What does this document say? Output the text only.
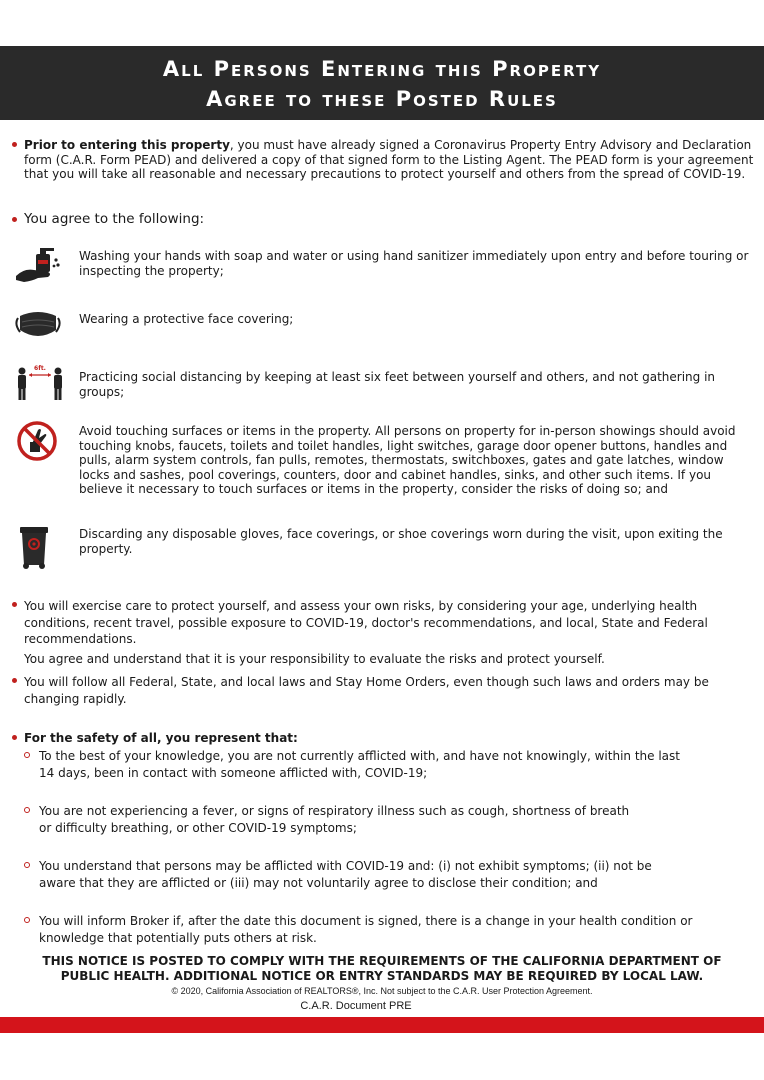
All Persons Entering this Property
Agree to these Posted Rules
Prior to entering this property, you must have already signed a Coronavirus Property Entry Advisory and Declaration form (C.A.R. Form PEAD) and delivered a copy of that signed form to the Listing Agent. The PEAD form is your agreement that you will take all reasonable and necessary precautions to protect yourself and others from the spread of COVID-19.
You agree to the following:
Washing your hands with soap and water or using hand sanitizer immediately upon entry and before touring or inspecting the property;
Wearing a protective face covering;
6ft.
Practicing social distancing by keeping at least six feet between yourself and others, and not gathering in groups;
Avoid touching surfaces or items in the property. All persons on property for in-person showings should avoid touching knobs, faucets, toilets and toilet handles, light switches, garage door opener buttons, handles and pulls, alarm system controls, fan pulls, remotes, thermostats, switchboxes, gates and gate latches, window locks and sashes, pool coverings, counters, door and cabinet handles, sinks, and other such items. If you believe it necessary to touch surfaces or items in the property, consider the risks of doing so; and
Discarding any disposable gloves, face coverings, or shoe coverings worn during the visit, upon exiting the property.
You will exercise care to protect yourself, and assess your own risks, by considering your age, underlying health conditions, recent travel, possible exposure to COVID-19, doctor's recommendations, and local, State and Federal recommendations.
You agree and understand that it is your responsibility to evaluate the risks and protect yourself.
You will follow all Federal, State, and local laws and Stay Home Orders, even though such laws and orders may be changing rapidly.
For the safety of all, you represent that:
To the best of your knowledge, you are not currently afflicted with, and have not knowingly, within the last 14 days, been in contact with someone afflicted with, COVID-19;
You are not experiencing a fever, or signs of respiratory illness such as cough, shortness of breath or difficulty breathing, or other COVID-19 symptoms;
You understand that persons may be afflicted with COVID-19 and: (i) not exhibit symptoms; (ii) not be aware that they are afflicted or (iii) may not voluntarily agree to disclose their condition; and
You will inform Broker if, after the date this document is signed, there is a change in your health condition or knowledge that potentially puts others at risk.
THIS NOTICE IS POSTED TO COMPLY WITH THE REQUIREMENTS OF THE CALIFORNIA DEPARTMENT OF PUBLIC HEALTH. ADDITIONAL NOTICE OR ENTRY STANDARDS MAY BE REQUIRED BY LOCAL LAW.
© 2020, California Association of REALTORS®, Inc. Not subject to the C.A.R. User Protection Agreement.
C.A.R. Document PRE
